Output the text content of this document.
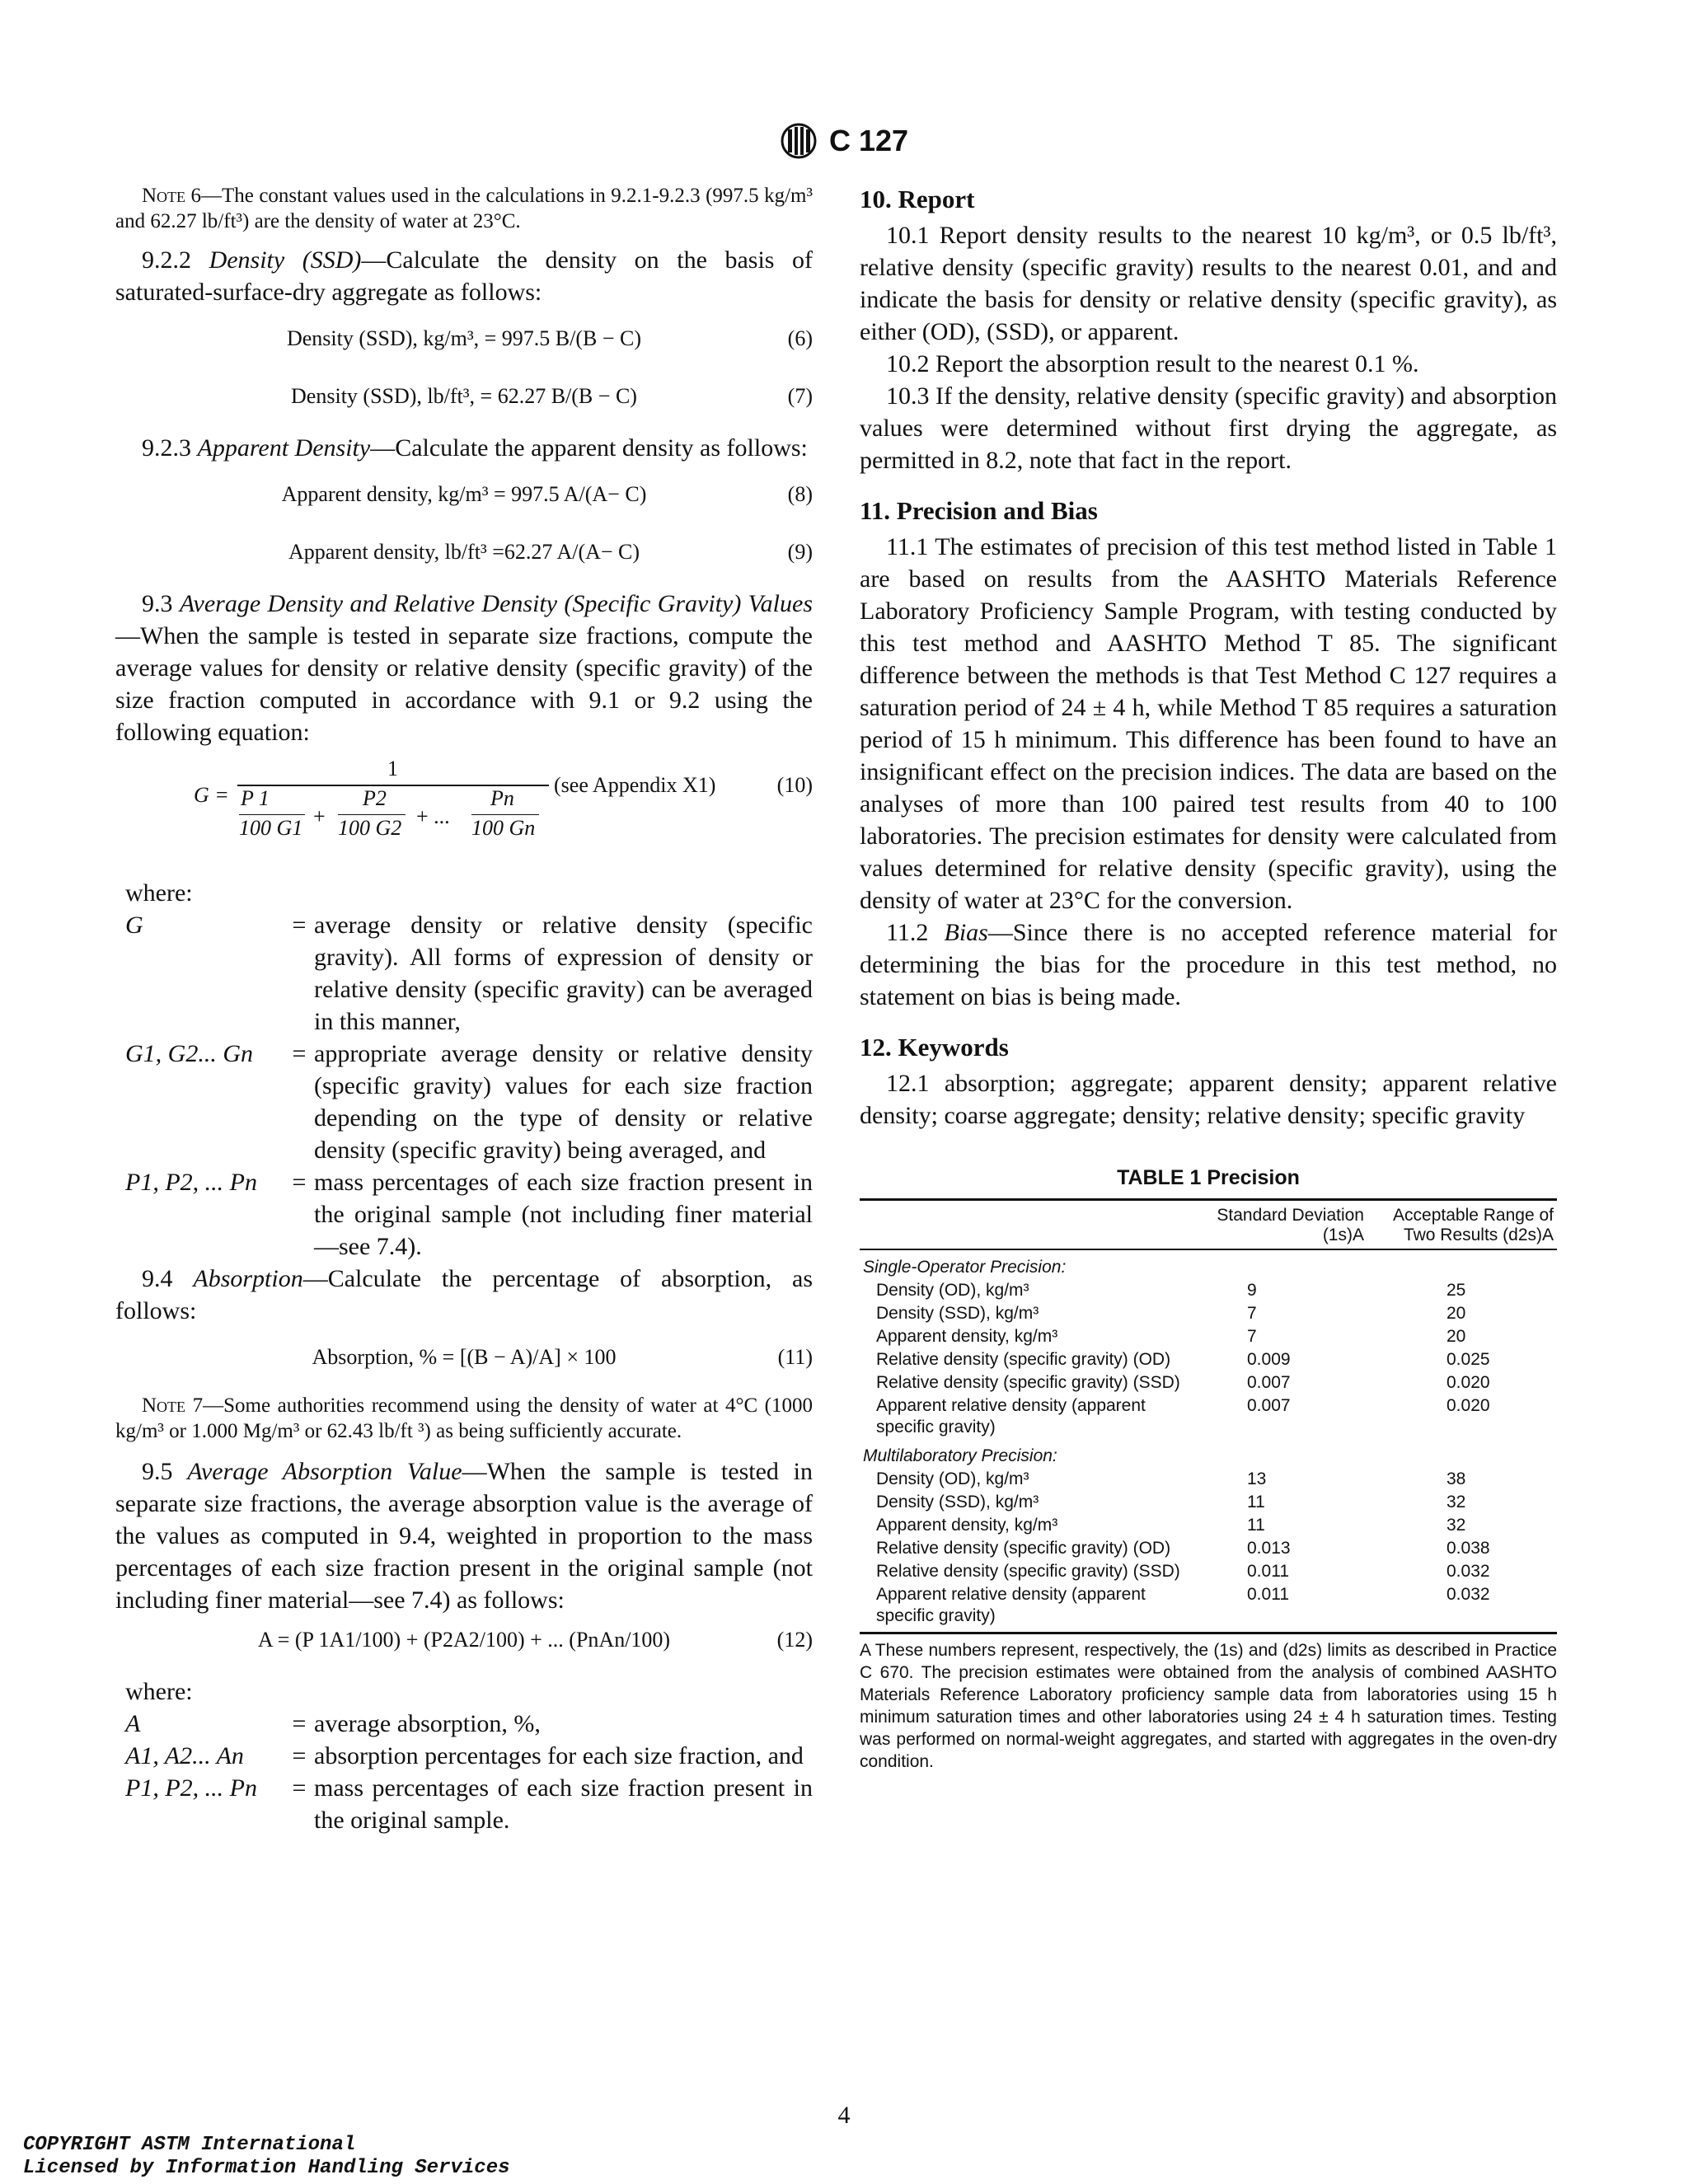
C 127

Note 6—The constant values used in the calculations in 9.2.1-9.2.3 (997.5 kg/m³ and 62.27 lb/ft³) are the density of water at 23°C.

9.2.2 Density (SSD)—Calculate the density on the basis of saturated-surface-dry aggregate as follows:

Density (SSD), kg/m³, = 997.5 B/(B − C)	(6)
Density (SSD), lb/ft³, = 62.27 B/(B − C)	(7)

9.2.3 Apparent Density—Calculate the apparent density as follows:

Apparent density, kg/m³ = 997.5 A/(A− C)	(8)
Apparent density, lb/ft³ =62.27 A/(A− C)	(9)

9.3 Average Density and Relative Density (Specific Gravity) Values—When the sample is tested in separate size fractions, compute the average values for density or relative density (specific gravity) of the size fraction computed in accordance with 9.1 or 9.2 using the following equation:

G =
1
P 1
100 G1 +
P2
100 G2 + ...
Pn
100 Gn
(see Appendix X1)	(10)

where:

G	= average density or relative density (specific gravity). All forms of expression of density or relative density (specific gravity) can be averaged in this manner,
G1, G2... Gn	= appropriate average density or relative density (specific gravity) values for each size fraction depending on the type of density or relative density (specific gravity) being averaged, and
P1, P2, ... Pn	= mass percentages of each size fraction present in the original sample (not including finer material—see 7.4).

9.4 Absorption—Calculate the percentage of absorption, as follows:

Absorption, % = [(B − A)/A] × 100	(11)

Note 7—Some authorities recommend using the density of water at 4°C (1000 kg/m³ or 1.000 Mg/m³ or 62.43 lb/ft ³) as being sufficiently accurate.

9.5 Average Absorption Value—When the sample is tested in separate size fractions, the average absorption value is the average of the values as computed in 9.4, weighted in proportion to the mass percentages of each size fraction present in the original sample (not including finer material—see 7.4) as follows:

A = (P 1A1/100) + (P2A2/100) + ... (PnAn/100)	(12)

where:

A	= average absorption, %,
A1, A2... An	= absorption percentages for each size fraction, and
P1, P2, ... Pn	= mass percentages of each size fraction present in the original sample.
10. Report

10.1 Report density results to the nearest 10 kg/m³, or 0.5 lb/ft³, relative density (specific gravity) results to the nearest 0.01, and and indicate the basis for density or relative density (specific gravity), as either (OD), (SSD), or apparent.

10.2 Report the absorption result to the nearest 0.1 %.

10.3 If the density, relative density (specific gravity) and absorption values were determined without first drying the aggregate, as permitted in 8.2, note that fact in the report.

11. Precision and Bias

11.1 The estimates of precision of this test method listed in Table 1 are based on results from the AASHTO Materials Reference Laboratory Proficiency Sample Program, with testing conducted by this test method and AASHTO Method T 85. The significant difference between the methods is that Test Method C 127 requires a saturation period of 24 ± 4 h, while Method T 85 requires a saturation period of 15 h minimum. This difference has been found to have an insignificant effect on the precision indices. The data are based on the analyses of more than 100 paired test results from 40 to 100 laboratories. The precision estimates for density were calculated from values determined for relative density (specific gravity), using the density of water at 23°C for the conversion.

11.2 Bias—Since there is no accepted reference material for determining the bias for the procedure in this test method, no statement on bias is being made.

12. Keywords

12.1 absorption; aggregate; apparent density; apparent relative density; coarse aggregate; density; relative density; specific gravity

TABLE 1 Precision
	Standard Deviation (1s)A	Acceptable Range of Two Results (d2s)A
Single-Operator Precision:		
Density (OD), kg/m³	9	25
Density (SSD), kg/m³	7	20
Apparent density, kg/m³	7	20
Relative density (specific gravity) (OD)	0.009	0.025
Relative density (specific gravity) (SSD)	0.007	0.020
Apparent relative density (apparent specific gravity)	0.007	0.020
Multilaboratory Precision:		
Density (OD), kg/m³	13	38
Density (SSD), kg/m³	11	32
Apparent density, kg/m³	11	32
Relative density (specific gravity) (OD)	0.013	0.038
Relative density (specific gravity) (SSD)	0.011	0.032
Apparent relative density (apparent specific gravity)	0.011	0.032
A These numbers represent, respectively, the (1s) and (d2s) limits as described in Practice C 670. The precision estimates were obtained from the analysis of combined AASHTO Materials Reference Laboratory proficiency sample data from laboratories using 15 h minimum saturation times and other laboratories using 24 ± 4 h saturation times. Testing was performed on normal-weight aggregates, and started with aggregates in the oven-dry condition.
4
COPYRIGHT ASTM International
Licensed by Information Handling Services
